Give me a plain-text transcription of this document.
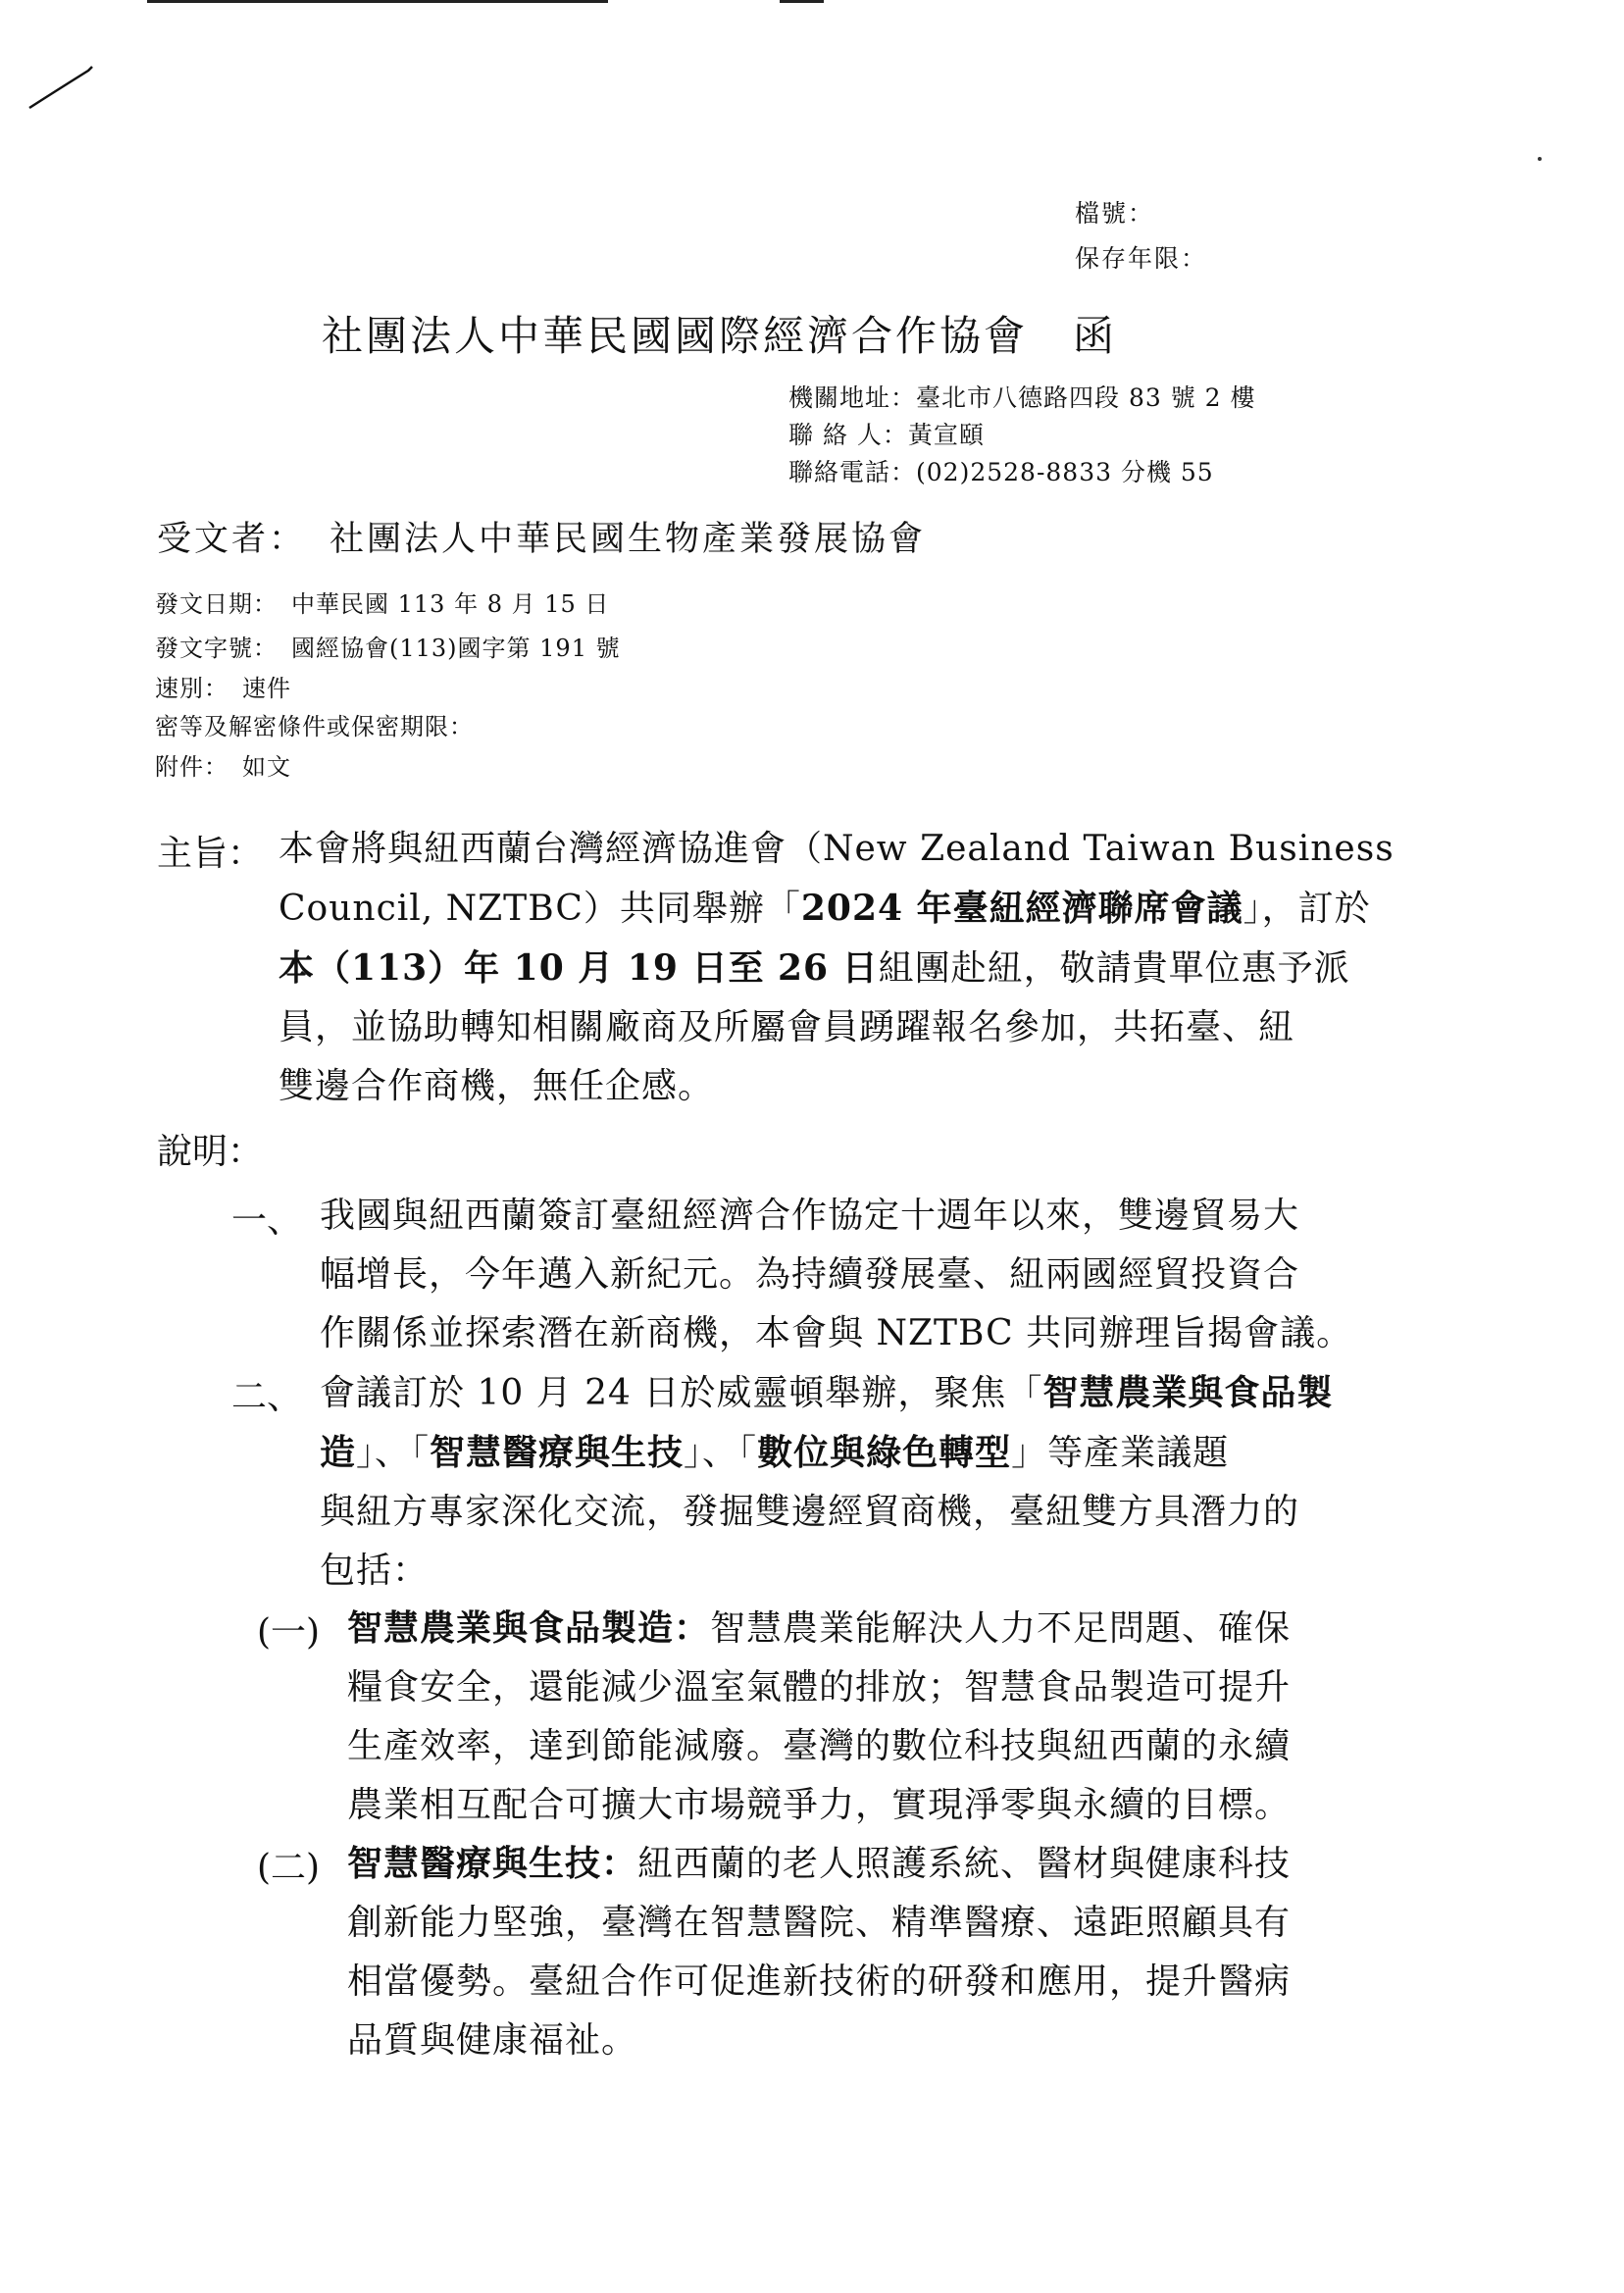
檔號：
保存年限：
社團法人中華民國國際經濟合作協會 函
機關地址：臺北市八德路四段 83 號 2 樓
聯 絡 人：黃宣頤
聯絡電話：(02)2528-8833 分機 55
受文者： 社團法人中華民國生物產業發展協會
發文日期： 中華民國 113 年 8 月 15 日
發文字號： 國經協會(113)國字第 191 號
速別： 速件
密等及解密條件或保密期限：
附件： 如文
主旨： 本會將與紐西蘭台灣經濟協進會（New Zealand Taiwan Business
Council, NZTBC）共同舉辦「2024 年臺紐經濟聯席會議」，訂於
本（113）年 10 月 19 日至 26 日組團赴紐，敬請貴單位惠予派
員，並協助轉知相關廠商及所屬會員踴躍報名參加，共拓臺、紐
雙邊合作商機，無任企感。
說明：
一、 我國與紐西蘭簽訂臺紐經濟合作協定十週年以來，雙邊貿易大
幅增長，今年邁入新紀元。為持續發展臺、紐兩國經貿投資合
作關係並探索潛在新商機，本會與 NZTBC 共同辦理旨揭會議。
二、 會議訂於 10 月 24 日於威靈頓舉辦，聚焦「智慧農業與食品製
造」、「智慧醫療與生技」、「數位與綠色轉型」等產業議題
與紐方專家深化交流，發掘雙邊經貿商機，臺紐雙方具潛力的
包括：
(一) 智慧農業與食品製造：智慧農業能解決人力不足問題、確保
糧食安全，還能減少溫室氣體的排放；智慧食品製造可提升
生產效率，達到節能減廢。臺灣的數位科技與紐西蘭的永續
農業相互配合可擴大市場競爭力，實現淨零與永續的目標。
(二) 智慧醫療與生技：紐西蘭的老人照護系統、醫材與健康科技
創新能力堅強，臺灣在智慧醫院、精準醫療、遠距照顧具有
相當優勢。臺紐合作可促進新技術的研發和應用，提升醫病
品質與健康福祉。
